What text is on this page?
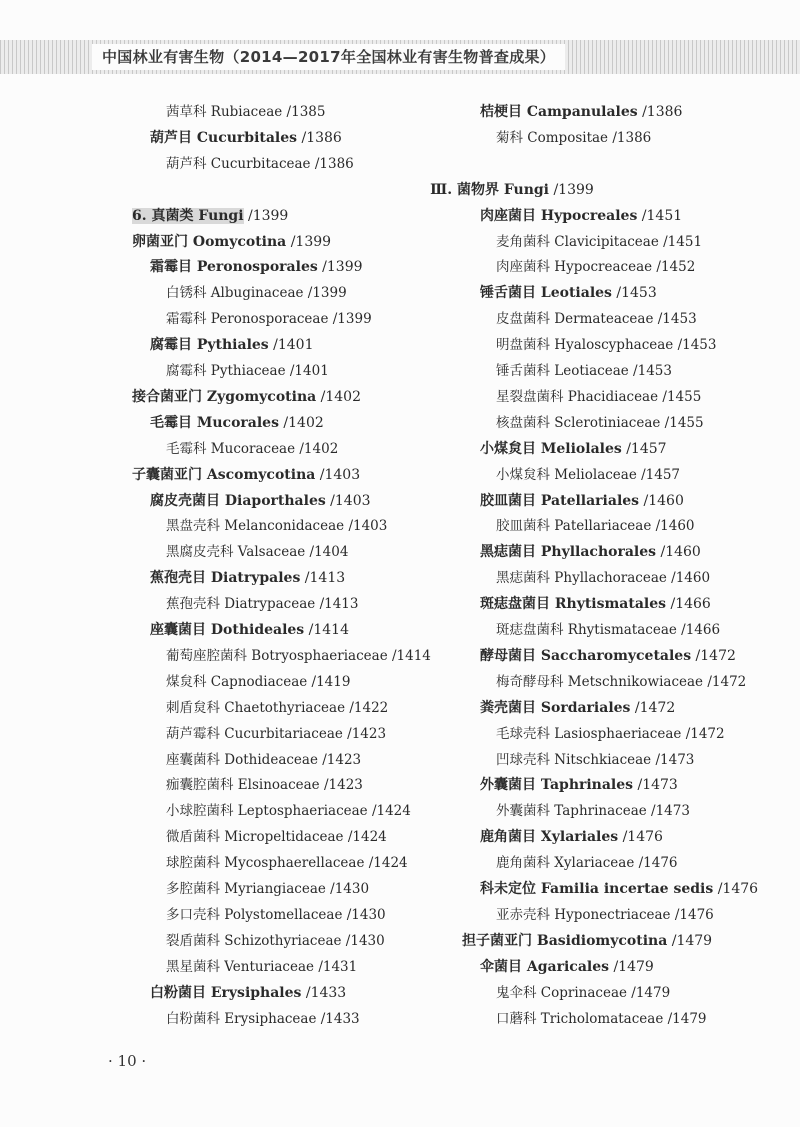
中国林业有害生物（2014—2017年全国林业有害生物普查成果）
茜草科 Rubiaceae /1385
葫芦目 Cucurbitales /1386
葫芦科 Cucurbitaceae /1386
6. 真菌类 Fungi /1399
卵菌亚门 Oomycotina /1399
霜霉目 Peronosporales /1399
白锈科 Albuginaceae /1399
霜霉科 Peronosporaceae /1399
腐霉目 Pythiales /1401
腐霉科 Pythiaceae /1401
接合菌亚门 Zygomycotina /1402
毛霉目 Mucorales /1402
毛霉科 Mucoraceae /1402
子囊菌亚门 Ascomycotina /1403
腐皮壳菌目 Diaporthales /1403
黑盘壳科 Melanconidaceae /1403
黑腐皮壳科 Valsaceae /1404
蕉孢壳目 Diatrypales /1413
蕉孢壳科 Diatrypaceae /1413
座囊菌目 Dothideales /1414
葡萄座腔菌科 Botryosphaeriaceae /1414
煤炱科 Capnodiaceae /1419
刺盾炱科 Chaetothyriaceae /1422
葫芦霉科 Cucurbitariaceae /1423
座囊菌科 Dothideaceae /1423
痂囊腔菌科 Elsinoaceae /1423
小球腔菌科 Leptosphaeriaceae /1424
微盾菌科 Micropeltidaceae /1424
球腔菌科 Mycosphaerellaceae /1424
多腔菌科 Myriangiaceae /1430
多口壳科 Polystomellaceae /1430
裂盾菌科 Schizothyriaceae /1430
黑星菌科 Venturiaceae /1431
白粉菌目 Erysiphales /1433
白粉菌科 Erysiphaceae /1433
桔梗目 Campanulales /1386
菊科 Compositae /1386
Ⅲ. 菌物界 Fungi /1399
肉座菌目 Hypocreales /1451
麦角菌科 Clavicipitaceae /1451
肉座菌科 Hypocreaceae /1452
锤舌菌目 Leotiales /1453
皮盘菌科 Dermateaceae /1453
明盘菌科 Hyaloscyphaceae /1453
锤舌菌科 Leotiaceae /1453
星裂盘菌科 Phacidiaceae /1455
核盘菌科 Sclerotiniaceae /1455
小煤炱目 Meliolales /1457
小煤炱科 Meliolaceae /1457
胶皿菌目 Patellariales /1460
胶皿菌科 Patellariaceae /1460
黑痣菌目 Phyllachorales /1460
黑痣菌科 Phyllachoraceae /1460
斑痣盘菌目 Rhytismatales /1466
斑痣盘菌科 Rhytismataceae /1466
酵母菌目 Saccharomycetales /1472
梅奇酵母科 Metschnikowiaceae /1472
粪壳菌目 Sordariales /1472
毛球壳科 Lasiosphaeriaceae /1472
凹球壳科 Nitschkiaceae /1473
外囊菌目 Taphrinales /1473
外囊菌科 Taphrinaceae /1473
鹿角菌目 Xylariales /1476
鹿角菌科 Xylariaceae /1476
科未定位 Familia incertae sedis /1476
亚赤壳科 Hyponectriaceae /1476
担子菌亚门 Basidiomycotina /1479
伞菌目 Agaricales /1479
鬼伞科 Coprinaceae /1479
口蘑科 Tricholomataceae /1479
· 10 ·
